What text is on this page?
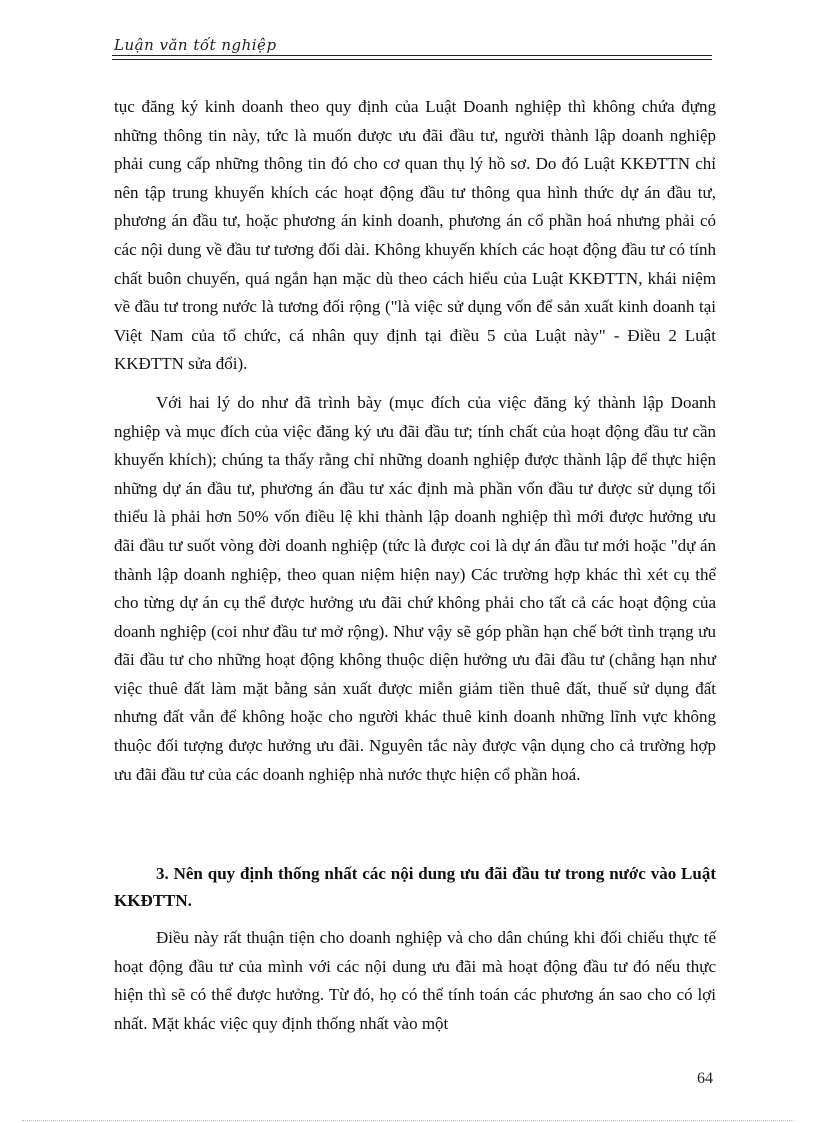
Luận văn tốt nghiệp

tục đăng ký kinh doanh theo quy định của Luật Doanh nghiệp thì không chứa đựng những thông tin này, tức là muốn được ưu đãi đầu tư, người thành lập doanh nghiệp phải cung cấp những thông tin đó cho cơ quan thụ lý hồ sơ. Do đó Luật KKĐTTN chỉ nên tập trung khuyến khích các hoạt động đầu tư thông qua hình thức dự án đầu tư, phương án đầu tư, hoặc phương án kinh doanh, phương án cổ phần hoá nhưng phải có các nội dung về đầu tư tương đối dài. Không khuyến khích các hoạt động đầu tư có tính chất buôn chuyến, quá ngắn hạn mặc dù theo cách hiểu của Luật KKĐTTN, khái niệm về đầu tư trong nước là tương đối rộng ("là việc sử dụng vốn để sản xuất kinh doanh tại Việt Nam của tổ chức, cá nhân quy định tại điều 5 của Luật này" - Điều 2 Luật KKĐTTN sửa đổi).

Với hai lý do như đã trình bày (mục đích của việc đăng ký thành lập Doanh nghiệp và mục đích của việc đăng ký ưu đãi đầu tư; tính chất của hoạt động đầu tư cần khuyến khích); chúng ta thấy rằng chỉ những doanh nghiệp được thành lập để thực hiện những dự án đầu tư, phương án đầu tư xác định mà phần vốn đầu tư được sử dụng tối thiểu là phải hơn 50% vốn điều lệ khi thành lập doanh nghiệp thì mới được hưởng ưu đãi đầu tư suốt vòng đời doanh nghiệp (tức là được coi là dự án đầu tư mới hoặc "dự án thành lập doanh nghiệp, theo quan niệm hiện nay) Các trường hợp khác thì xét cụ thể cho từng dự án cụ thể được hưởng ưu đãi chứ không phải cho tất cả các hoạt động của doanh nghiệp (coi như đầu tư mở rộng). Như vậy sẽ góp phần hạn chế bớt tình trạng ưu đãi đầu tư cho những hoạt động không thuộc diện hưởng ưu đãi đầu tư (chẳng hạn như việc thuê đất làm mặt bằng sản xuất được miễn giảm tiền thuê đất, thuế sử dụng đất nhưng đất vẫn để không hoặc cho người khác thuê kinh doanh những lĩnh vực không thuộc đối tượng được hưởng ưu đãi. Nguyên tắc này được vận dụng cho cả trường hợp ưu đãi đầu tư của các doanh nghiệp nhà nước thực hiện cổ phần hoá.

3. Nên quy định thống nhất các nội dung ưu đãi đầu tư trong nước vào Luật KKĐTTN.
Điều này rất thuận tiện cho doanh nghiệp và cho dân chúng khi đối chiếu thực tế hoạt động đầu tư của mình với các nội dung ưu đãi mà hoạt động đầu tư đó nếu thực hiện thì sẽ có thể được hưởng. Từ đó, họ có thể tính toán các phương án sao cho có lợi nhất. Mặt khác việc quy định thống nhất vào một
64
